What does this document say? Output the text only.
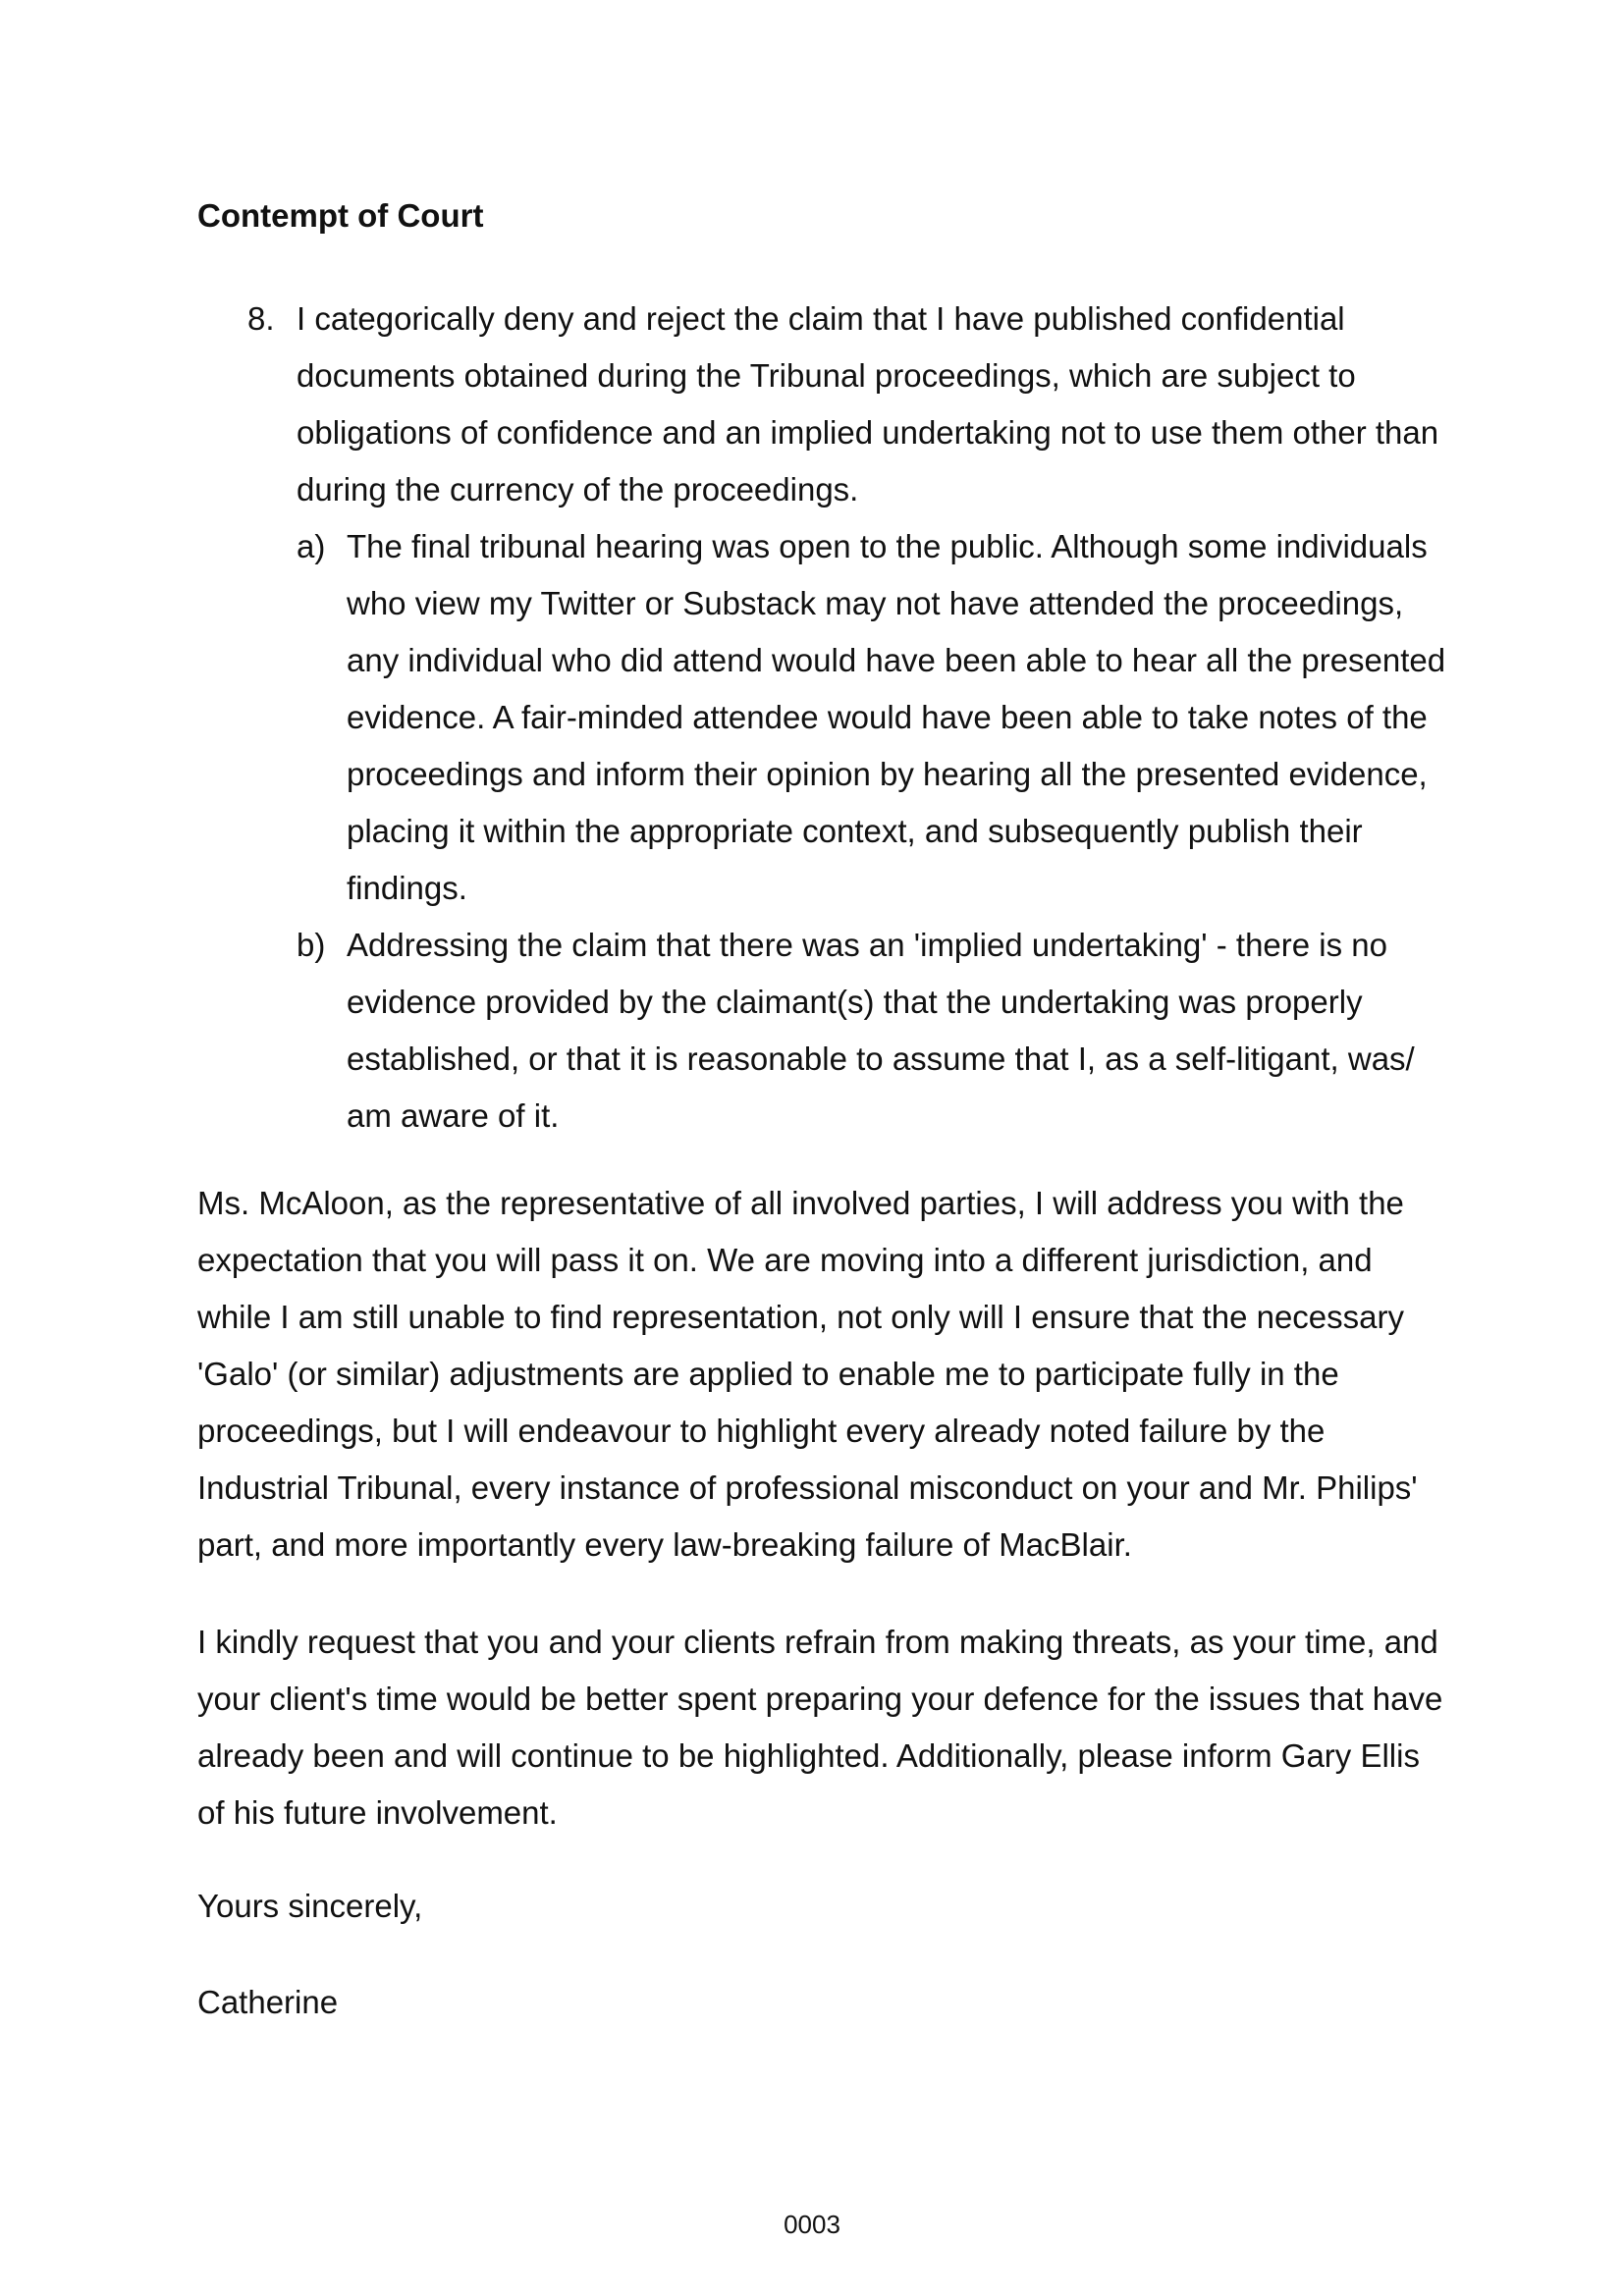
Contempt of Court
8. I categorically deny and reject the claim that I have published confidential documents obtained during the Tribunal proceedings, which are subject to obligations of confidence and an implied undertaking not to use them other than during the currency of the proceedings.
a) The final tribunal hearing was open to the public. Although some individuals who view my Twitter or Substack may not have attended the proceedings, any individual who did attend would have been able to hear all the presented evidence. A fair-minded attendee would have been able to take notes of the proceedings and inform their opinion by hearing all the presented evidence, placing it within the appropriate context, and subsequently publish their findings.
b) Addressing the claim that there was an 'implied undertaking' - there is no evidence provided by the claimant(s) that the undertaking was properly established, or that it is reasonable to assume that I, as a self-litigant, was/ am aware of it.

Ms. McAloon, as the representative of all involved parties, I will address you with the expectation that you will pass it on. We are moving into a different jurisdiction, and while I am still unable to find representation, not only will I ensure that the necessary 'Galo' (or similar) adjustments are applied to enable me to participate fully in the proceedings, but I will endeavour to highlight every already noted failure by the Industrial Tribunal, every instance of professional misconduct on your and Mr. Philips' part, and more importantly every law-breaking failure of MacBlair.

I kindly request that you and your clients refrain from making threats, as your time, and your client's time would be better spent preparing your defence for the issues that have already been and will continue to be highlighted. Additionally, please inform Gary Ellis of his future involvement.

Yours sincerely,

Catherine

0003
